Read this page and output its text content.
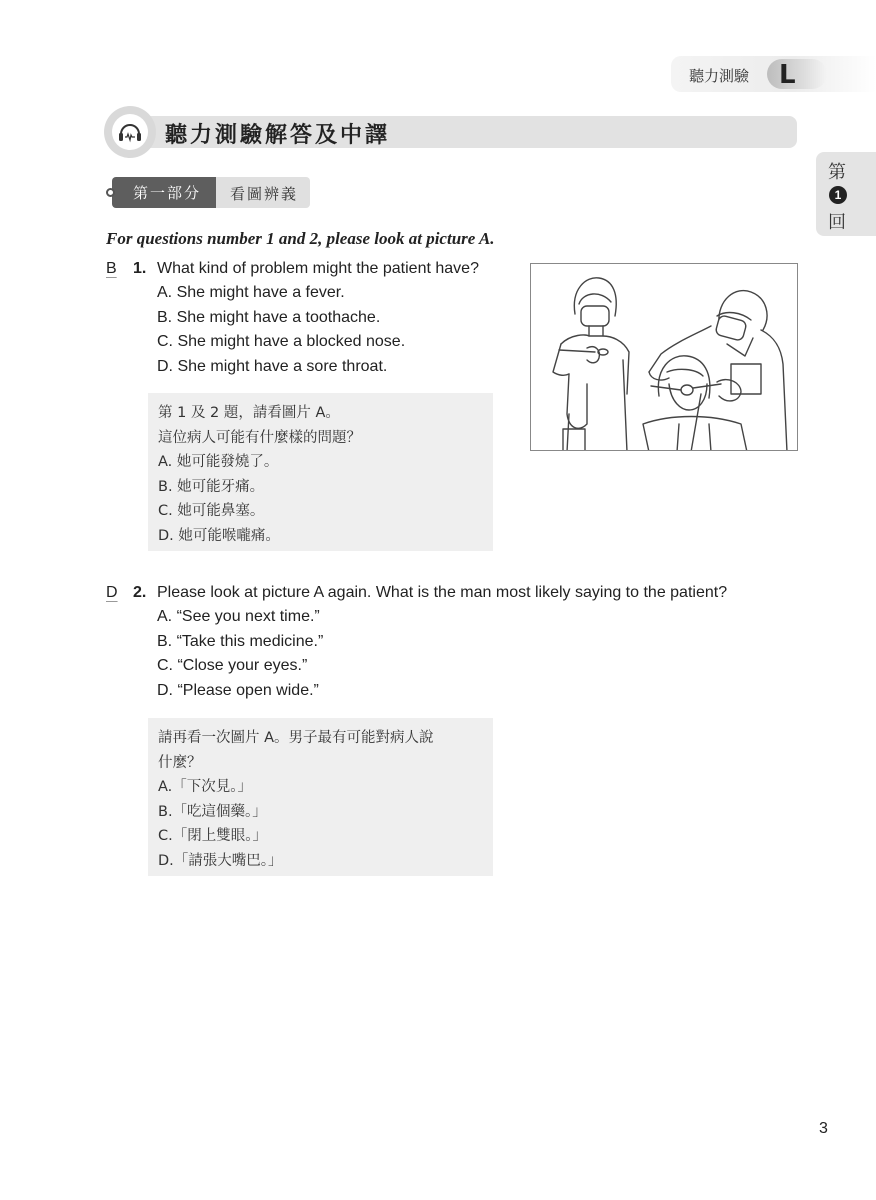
聽力測驗 L
第
1
回
聽力測驗解答及中譯
第一部分 看圖辨義
For questions number 1 and 2, please look at picture A.
B 1. What kind of problem might the patient have?
A. She might have a fever.
B. She might have a toothache.
C. She might have a blocked nose.
D. She might have a sore throat.
第 1 及 2 題，請看圖片 A。
這位病人可能有什麼樣的問題？
A. 她可能發燒了。
B. 她可能牙痛。
C. 她可能鼻塞。
D. 她可能喉嚨痛。
D 2. Please look at picture A again. What is the man most likely saying to the patient?
A. “See you next time.”
B. “Take this medicine.”
C. “Close your eyes.”
D. “Please open wide.”
請再看一次圖片 A。男子最有可能對病人說
什麼？
A.「下次見。」
B.「吃這個藥。」
C.「閉上雙眼。」
D.「請張大嘴巴。」
3
